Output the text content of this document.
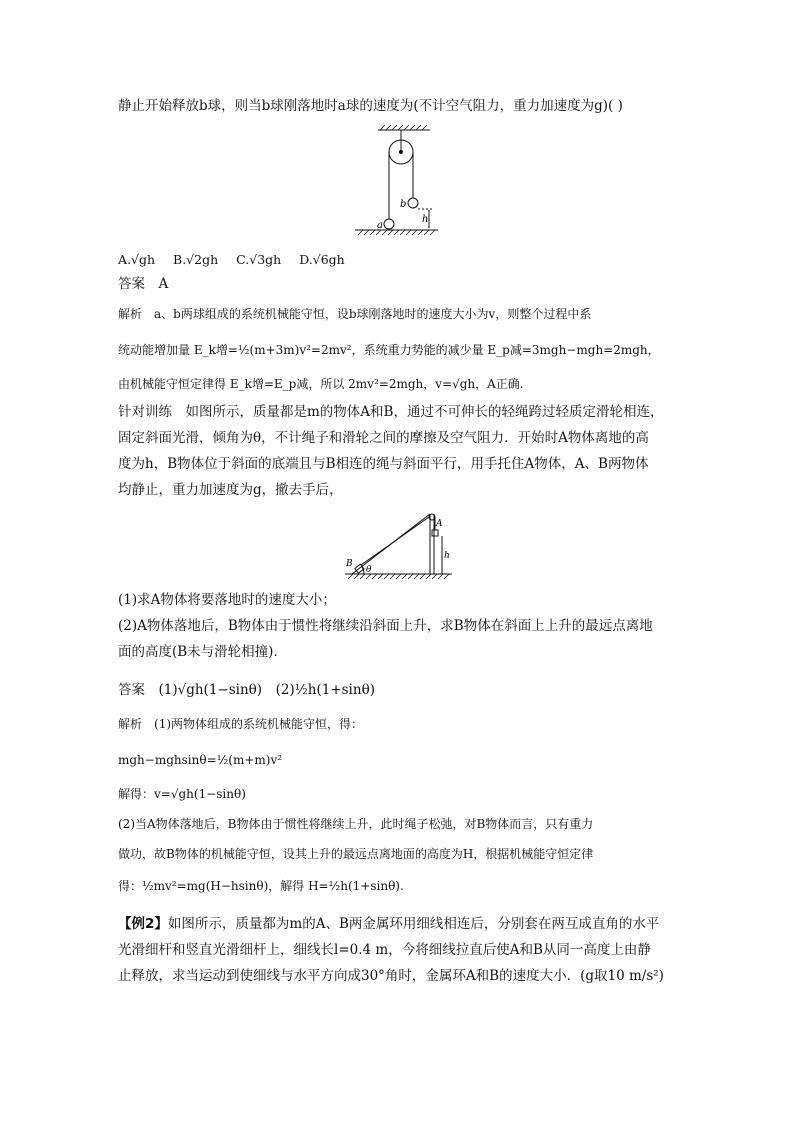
静止开始释放b球，则当b球刚落地时a球的速度为(不计空气阻力，重力加速度为g)( )
b
a
h
A.√gh B.√2gh C.√3gh D.√6gh
答案　 A
解析　 a、b两球组成的系统机械能守恒，设b球刚落地时的速度大小为v，则整个过程中系
统动能增加量 E_k增=½(m+3m)v²=2mv²，系统重力势能的减少量 E_p减=3mgh−mgh=2mgh，
由机械能守恒定律得 E_k增=E_p减，所以 2mv²=2mgh，v=√gh，A正确.
针对训练　如图所示，质量都是m的物体A和B，通过不可伸长的轻绳跨过轻质定滑轮相连，
固定斜面光滑，倾角为θ，不计绳子和滑轮之间的摩擦及空气阻力．开始时A物体离地的高
度为h，B物体位于斜面的底端且与B相连的绳与斜面平行，用手托住A物体，A、B两物体
均静止，重力加速度为g，撤去手后，
A
B
h
θ
(1)求A物体将要落地时的速度大小；
(2)A物体落地后，B物体由于惯性将继续沿斜面上升，求B物体在斜面上上升的最远点离地
面的高度(B未与滑轮相撞)．
答案　 (1)√gh(1−sinθ)　(2)½h(1+sinθ)
解析　 (1)两物体组成的系统机械能守恒，得：
mgh−mghsinθ=½(m+m)v²
解得：v=√gh(1−sinθ)
(2)当A物体落地后，B物体由于惯性将继续上升，此时绳子松弛，对B物体而言，只有重力
做功，故B物体的机械能守恒，设其上升的最远点离地面的高度为H，根据机械能守恒定律
得：½mv²=mg(H−hsinθ)，解得 H=½h(1+sinθ).
【例2】如图所示，质量都为m的A、B两金属环用细线相连后，分别套在两互成直角的水平
光滑细杆和竖直光滑细杆上，细线长l=0.4 m，今将细线拉直后使A和B从同一高度上由静
止释放，求当运动到使细线与水平方向成30°角时，金属环A和B的速度大小．(g取10 m/s²)
